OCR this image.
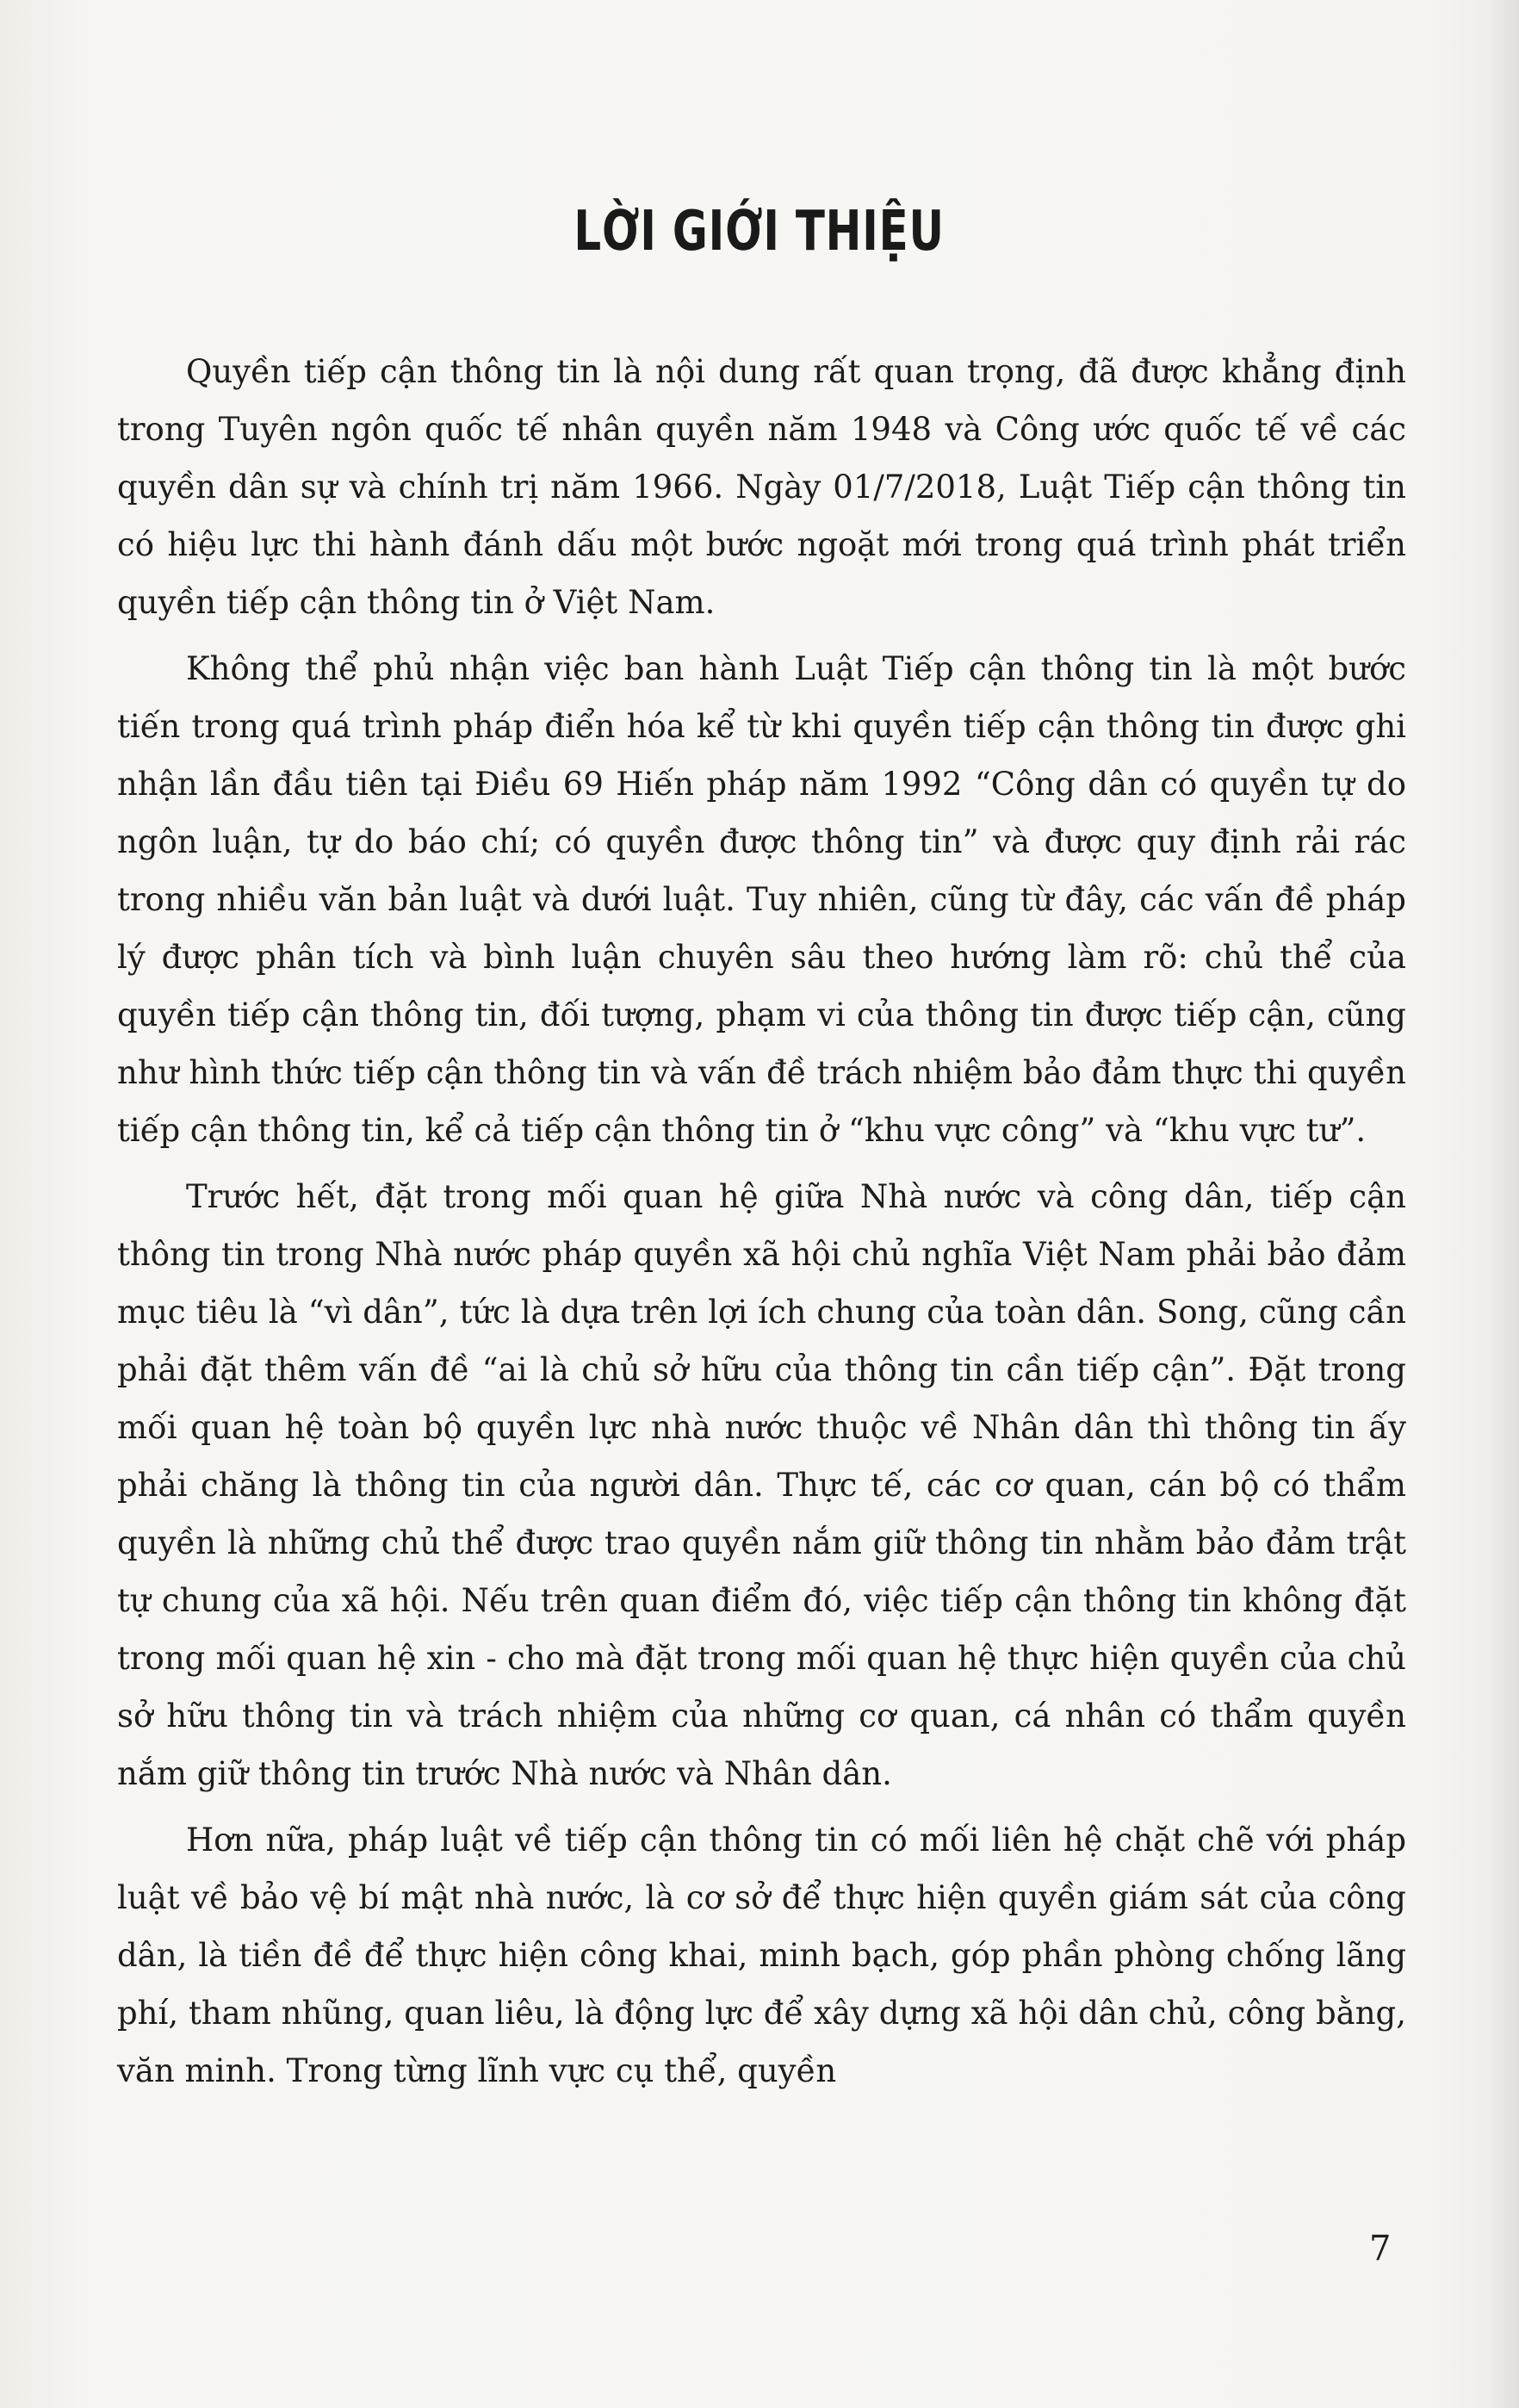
LỜI GIỚI THIỆU

Quyền tiếp cận thông tin là nội dung rất quan trọng, đã được khẳng định trong Tuyên ngôn quốc tế nhân quyền năm 1948 và Công ước quốc tế về các quyền dân sự và chính trị năm 1966. Ngày 01/7/2018, Luật Tiếp cận thông tin có hiệu lực thi hành đánh dấu một bước ngoặt mới trong quá trình phát triển quyền tiếp cận thông tin ở Việt Nam.

Không thể phủ nhận việc ban hành Luật Tiếp cận thông tin là một bước tiến trong quá trình pháp điển hóa kể từ khi quyền tiếp cận thông tin được ghi nhận lần đầu tiên tại Điều 69 Hiến pháp năm 1992 “Công dân có quyền tự do ngôn luận, tự do báo chí; có quyền được thông tin” và được quy định rải rác trong nhiều văn bản luật và dưới luật. Tuy nhiên, cũng từ đây, các vấn đề pháp lý được phân tích và bình luận chuyên sâu theo hướng làm rõ: chủ thể của quyền tiếp cận thông tin, đối tượng, phạm vi của thông tin được tiếp cận, cũng như hình thức tiếp cận thông tin và vấn đề trách nhiệm bảo đảm thực thi quyền tiếp cận thông tin, kể cả tiếp cận thông tin ở “khu vực công” và “khu vực tư”.

Trước hết, đặt trong mối quan hệ giữa Nhà nước và công dân, tiếp cận thông tin trong Nhà nước pháp quyền xã hội chủ nghĩa Việt Nam phải bảo đảm mục tiêu là “vì dân”, tức là dựa trên lợi ích chung của toàn dân. Song, cũng cần phải đặt thêm vấn đề “ai là chủ sở hữu của thông tin cần tiếp cận”. Đặt trong mối quan hệ toàn bộ quyền lực nhà nước thuộc về Nhân dân thì thông tin ấy phải chăng là thông tin của người dân. Thực tế, các cơ quan, cán bộ có thẩm quyền là những chủ thể được trao quyền nắm giữ thông tin nhằm bảo đảm trật tự chung của xã hội. Nếu trên quan điểm đó, việc tiếp cận thông tin không đặt trong mối quan hệ xin - cho mà đặt trong mối quan hệ thực hiện quyền của chủ sở hữu thông tin và trách nhiệm của những cơ quan, cá nhân có thẩm quyền nắm giữ thông tin trước Nhà nước và Nhân dân.

Hơn nữa, pháp luật về tiếp cận thông tin có mối liên hệ chặt chẽ với pháp luật về bảo vệ bí mật nhà nước, là cơ sở để thực hiện quyền giám sát của công dân, là tiền đề để thực hiện công khai, minh bạch, góp phần phòng chống lãng phí, tham nhũng, quan liêu, là động lực để xây dựng xã hội dân chủ, công bằng, văn minh. Trong từng lĩnh vực cụ thể, quyền

7
